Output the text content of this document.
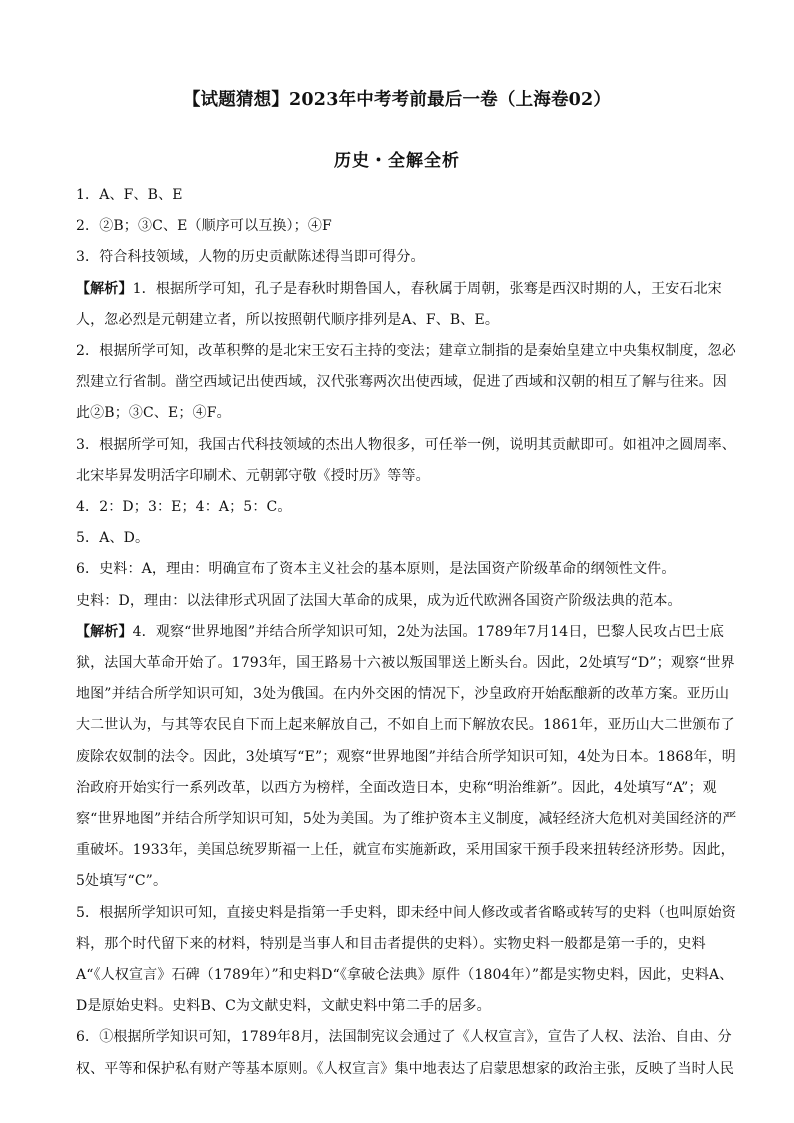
【试题猜想】2023年中考考前最后一卷（上海卷02）
历史・全解全析

1．A、F、B、E

2．②B；③C、E（顺序可以互换）；④F

3．符合科技领域，人物的历史贡献陈述得当即可得分。

【解析】1．根据所学可知，孔子是春秋时期鲁国人，春秋属于周朝，张骞是西汉时期的人，王安石北宋人，忽必烈是元朝建立者，所以按照朝代顺序排列是A、F、B、E。

2．根据所学可知，改革积弊的是北宋王安石主持的变法；建章立制指的是秦始皇建立中央集权制度，忽必烈建立行省制。凿空西域记出使西域，汉代张骞两次出使西域，促进了西域和汉朝的相互了解与往来。因此②B；③C、E；④F。

3．根据所学可知，我国古代科技领域的杰出人物很多，可任举一例，说明其贡献即可。如祖冲之圆周率、北宋毕昇发明活字印刷术、元朝郭守敬《授时历》等等。

4．2：D；3：E；4：A；5：C。

5．A、D。

6．史料：A，理由：明确宣布了资本主义社会的基本原则，是法国资产阶级革命的纲领性文件。

史料：D，理由：以法律形式巩固了法国大革命的成果，成为近代欧洲各国资产阶级法典的范本。

【解析】4．观察“世界地图”并结合所学知识可知，2处为法国。1789年7月14日，巴黎人民攻占巴士底狱，法国大革命开始了。1793年，国王路易十六被以叛国罪送上断头台。因此，2处填写“D”；观察“世界地图”并结合所学知识可知，3处为俄国。在内外交困的情况下，沙皇政府开始酝酿新的改革方案。亚历山大二世认为，与其等农民自下而上起来解放自己，不如自上而下解放农民。1861年，亚历山大二世颁布了废除农奴制的法令。因此，3处填写“E”；观察“世界地图”并结合所学知识可知，4处为日本。1868年，明治政府开始实行一系列改革，以西方为榜样，全面改造日本，史称“明治维新”。因此，4处填写“A”；观察“世界地图”并结合所学知识可知，5处为美国。为了维护资本主义制度，减轻经济大危机对美国经济的严重破坏。1933年，美国总统罗斯福一上任，就宣布实施新政，采用国家干预手段来扭转经济形势。因此，5处填写“C”。

5．根据所学知识可知，直接史料是指第一手史料，即未经中间人修改或者省略或转写的史料（也叫原始资料，那个时代留下来的材料，特别是当事人和目击者提供的史料）。实物史料一般都是第一手的，史料A“《人权宣言》石碑（1789年）”和史料D“《拿破仑法典》原件（1804年）”都是实物史料，因此，史料A、D是原始史料。史料B、C为文献史料，文献史料中第二手的居多。

6．①根据所学知识可知，1789年8月，法国制宪议会通过了《人权宣言》，宣告了人权、法治、自由、分权、平等和保护私有财产等基本原则。《人权宣言》集中地表达了启蒙思想家的政治主张，反映了当时人民
